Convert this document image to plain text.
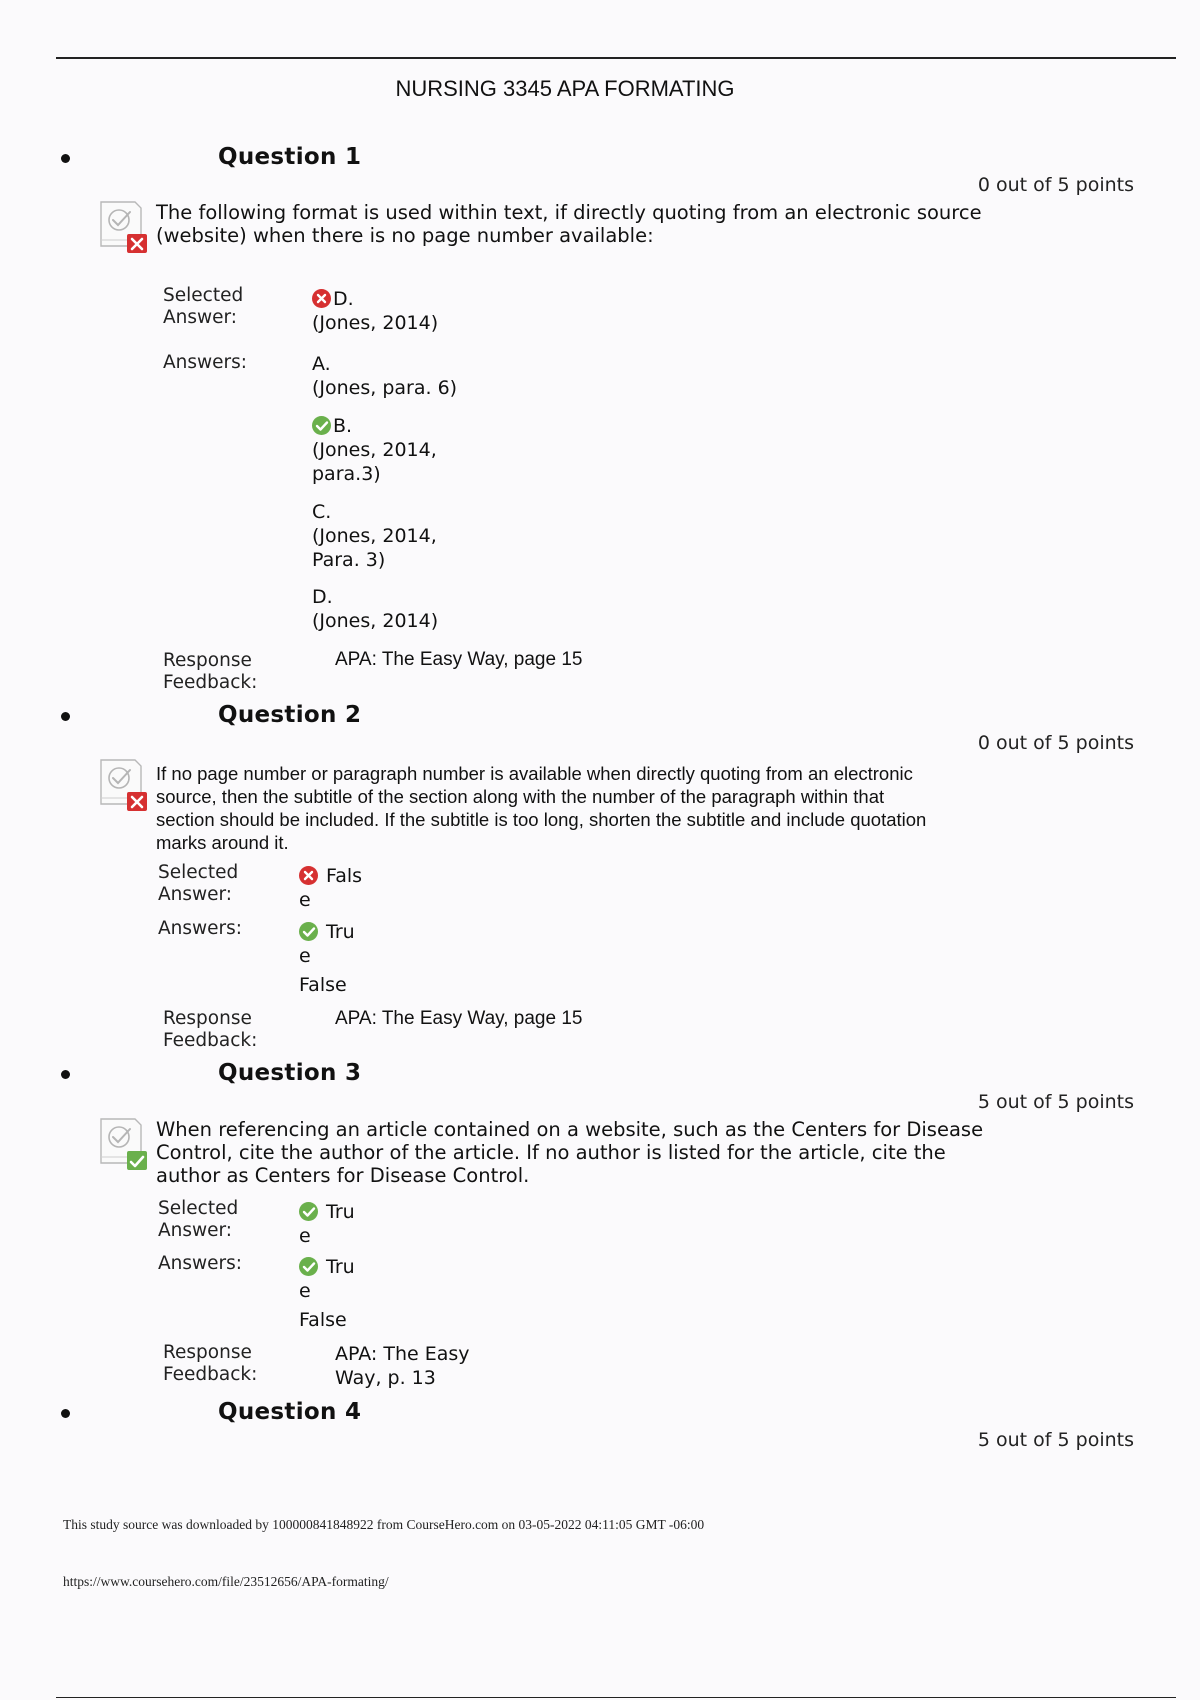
NURSING 3345 APA FORMATING
Question 1
0 out of 5 points
The following format is used within text, if directly quoting from an electronic source
(website) when there is no page number available:
Selected
Answer:
D.
(Jones, 2014)
Answers:	A.
(Jones, para. 6)
B.
(Jones, 2014,
para.3)
C.
(Jones, 2014,
Para. 3)
D.
(Jones, 2014)
Response
Feedback:
APA: The Easy Way, page 15
Question 2
0 out of 5 points
If no page number or paragraph number is available when directly quoting from an electronic
source, then the subtitle of the section along with the number of the paragraph within that
section should be included. If the subtitle is too long, shorten the subtitle and include quotation
marks around it.
Selected
Answer:
Fals
e
Answers:	Tru
e
False
Response
Feedback:
APA: The Easy Way, page 15
Question 3
5 out of 5 points
When referencing an article contained on a website, such as the Centers for Disease
Control, cite the author of the article. If no author is listed for the article, cite the
author as Centers for Disease Control.
Selected
Answer:
Tru
e
Answers:	Tru
e
False
Response
Feedback:
APA: The Easy
Way, p. 13
Question 4
5 out of 5 points
This study source was downloaded by 100000841848922 from CourseHero.com on 03-05-2022 04:11:05 GMT -06:00
https://www.coursehero.com/file/23512656/APA-formating/
